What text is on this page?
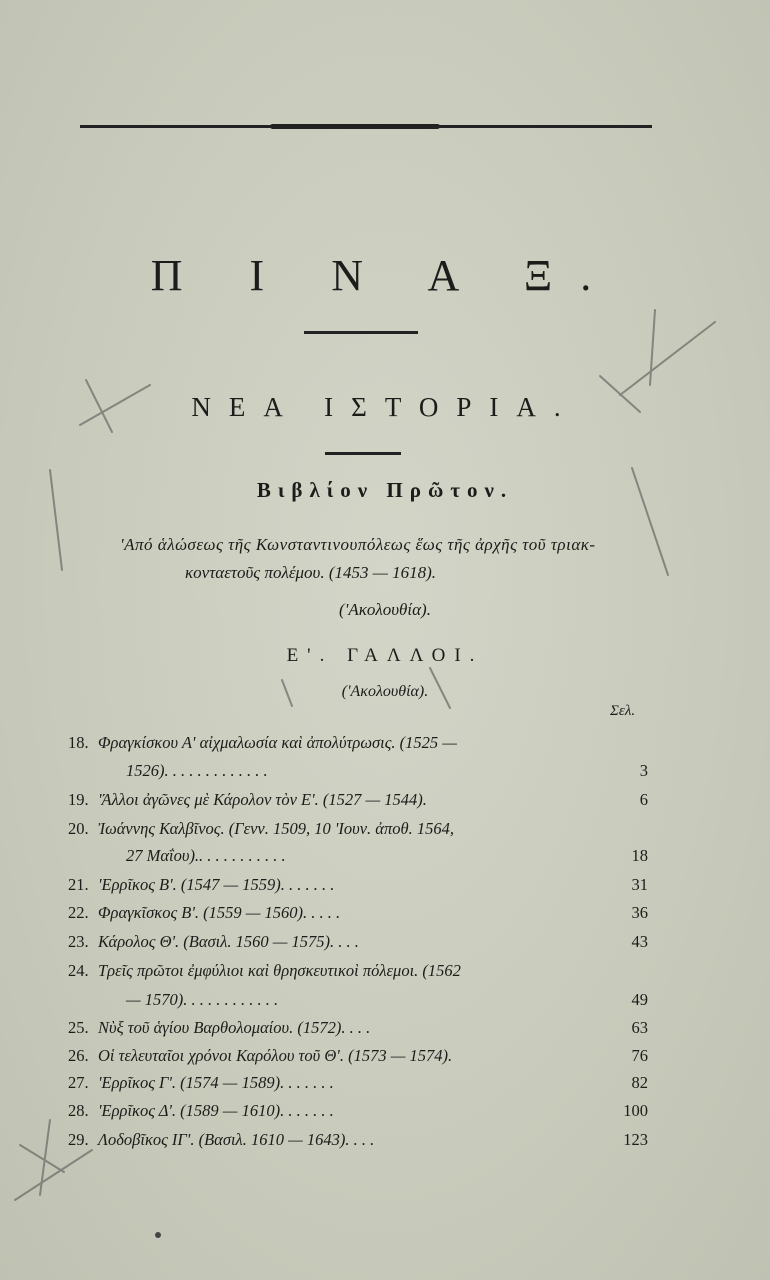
Π Ι Ν Α Ξ.
ΝΕΑ ΙΣΤΟΡΙΑ.
Βιβλίον Πρῶτον.
'Από ἁλώσεως τῆς Κωνσταντινουπόλεως ἕως τῆς ἀρχῆς τοῦ τριακ-
κονταετοῦς πολέμου. (1453 — 1618).
('Ακολουθία).
Ε'. ΓΑΛΛΟΙ.
('Ακολουθία).
Σελ.
18. Φραγκίσκου Α' αἰχμαλωσία καὶ ἀπολύτρωσις. (1525 —
1526). . . . . . . . . . . . .	3
19. 'Άλλοι ἀγῶνες μὲ Κάρολον τὸν Ε'. (1527 — 1544).	6
20. Ἰωάννης Καλβῖνος. (Γενν. 1509, 10 'Ιουν. ἀποθ. 1564,
27 Μαΐου).. . . . . . . . . . .	18
21. 'Ερρῖκος Β'. (1547 — 1559). . . . . . .	31
22. Φραγκῖσκος Β'. (1559 — 1560). . . . .	36
23. Κάρολος Θ'. (Βασιλ. 1560 — 1575). . . .	43
24. Τρεῖς πρῶτοι ἐμφύλιοι καὶ θρησκευτικοὶ πόλεμοι. (1562
— 1570). . . . . . . . . . . .	49
25. Νὺξ τοῦ ἁγίου Βαρθολομαίου. (1572). . . .	63
26. Οἱ τελευταῖοι χρόνοι Καρόλου τοῦ Θ'. (1573 — 1574).	76
27. 'Ερρῖκος Γ'. (1574 — 1589). . . . . . .	82
28. 'Ερρῖκος Δ'. (1589 — 1610). . . . . . .	100
29. Λοδοβῖκος ΙΓ'. (Βασιλ. 1610 — 1643). . . .	123
